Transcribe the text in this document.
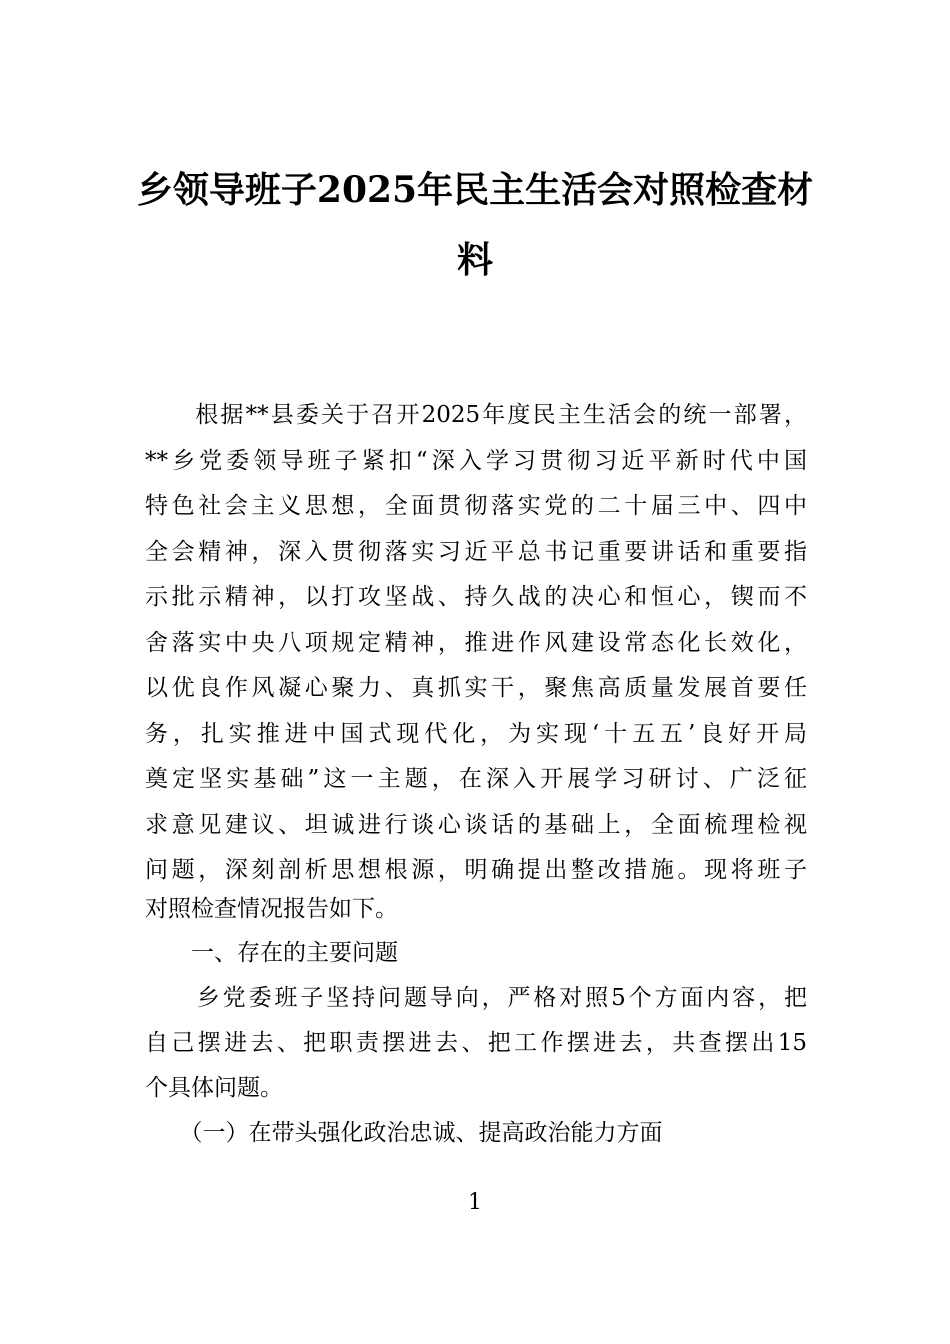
乡领导班子2025年民主生活会对照检查材
料
　　根据**县委关于召开2025年度民主生活会的统一部署，
**乡党委领导班子紧扣“深入学习贯彻习近平新时代中国
特色社会主义思想，全面贯彻落实党的二十届三中、四中
全会精神，深入贯彻落实习近平总书记重要讲话和重要指
示批示精神，以打攻坚战、持久战的决心和恒心，锲而不
舍落实中央八项规定精神，推进作风建设常态化长效化，
以优良作风凝心聚力、真抓实干，聚焦高质量发展首要任
务，扎实推进中国式现代化，为实现‘十五五’良好开局
奠定坚实基础”这一主题，在深入开展学习研讨、广泛征
求意见建议、坦诚进行谈心谈话的基础上，全面梳理检视
问题，深刻剖析思想根源，明确提出整改措施。现将班子
对照检查情况报告如下。
　　一、存在的主要问题
　　乡党委班子坚持问题导向，严格对照5个方面内容，把
自己摆进去、把职责摆进去、把工作摆进去，共查摆出15
个具体问题。
　　（一）在带头强化政治忠诚、提高政治能力方面
1
